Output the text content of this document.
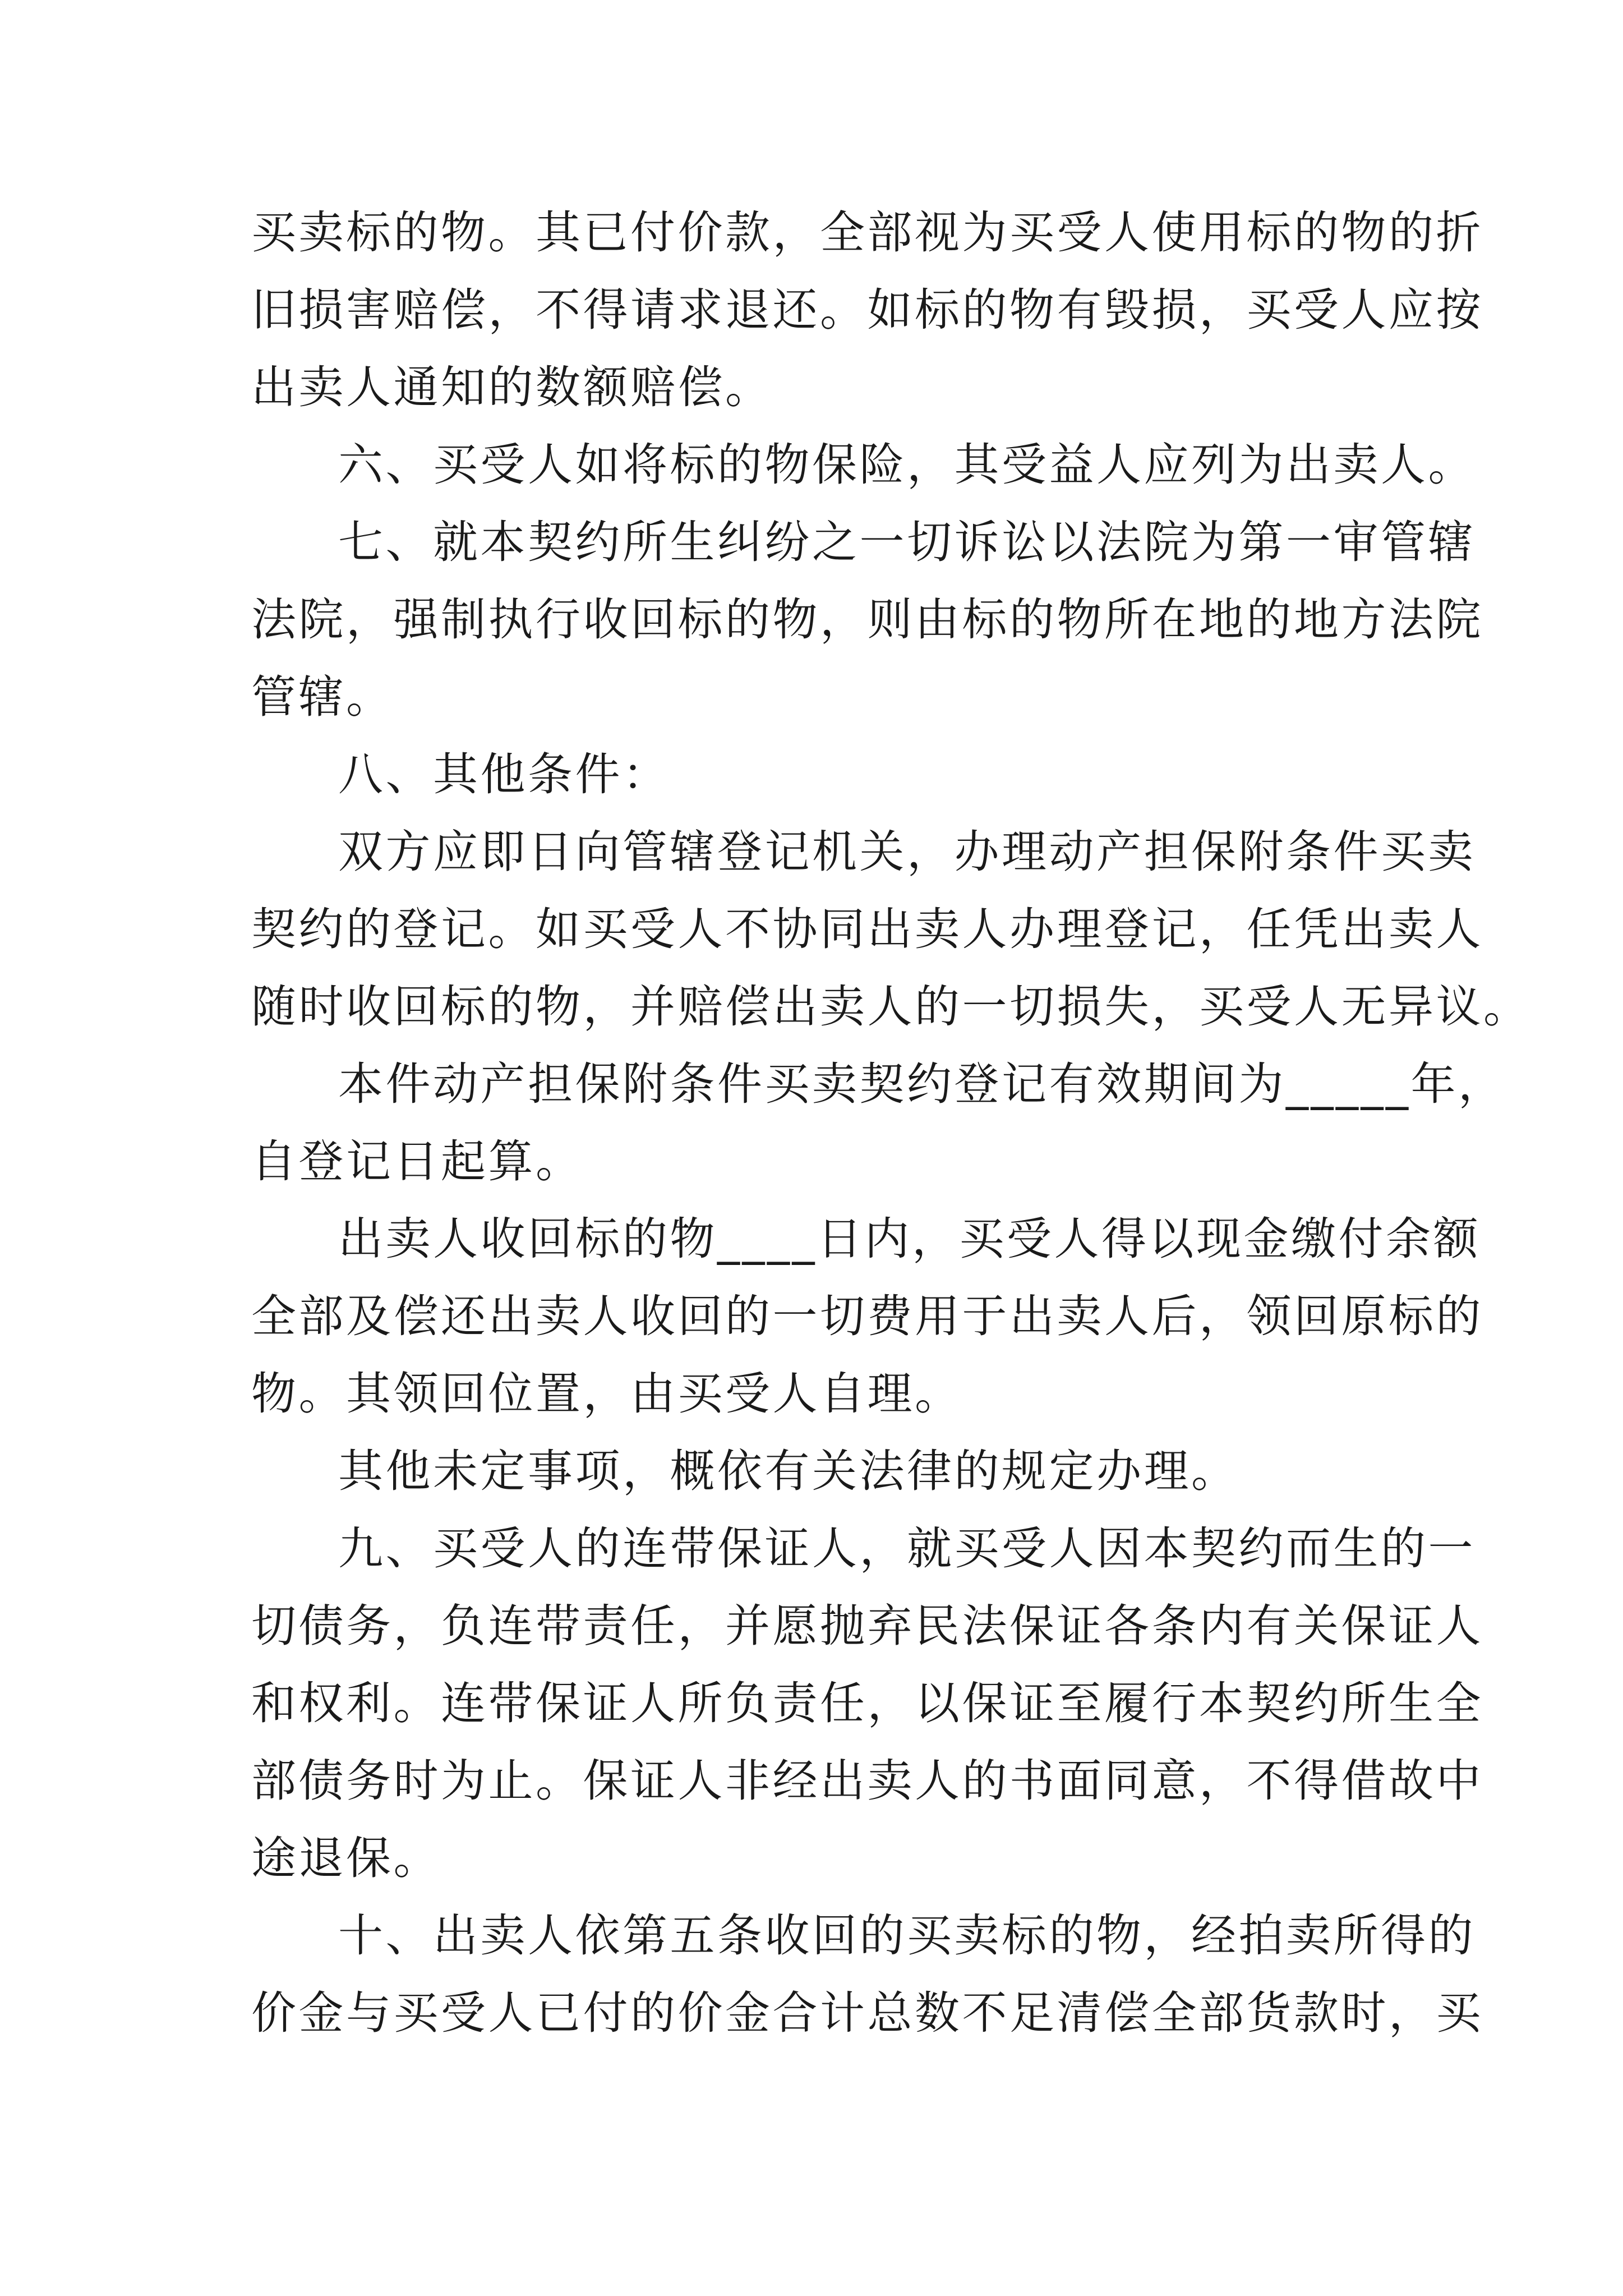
买卖标的物。其已付价款，全部视为买受人使用标的物的折
旧损害赔偿，不得请求退还。如标的物有毁损，买受人应按
出卖人通知的数额赔偿。
六、买受人如将标的物保险，其受益人应列为出卖人。
七、就本契约所生纠纷之一切诉讼以法院为第一审管辖
法院，强制执行收回标的物，则由标的物所在地的地方法院
管辖。
八、其他条件：
双方应即日向管辖登记机关，办理动产担保附条件买卖
契约的登记。如买受人不协同出卖人办理登记，任凭出卖人
随时收回标的物，并赔偿出卖人的一切损失，买受人无异议。
本件动产担保附条件买卖契约登记有效期间为_____年，
自登记日起算。
出卖人收回标的物____日内，买受人得以现金缴付余额
全部及偿还出卖人收回的一切费用于出卖人后，领回原标的
物。其领回位置，由买受人自理。
其他未定事项，概依有关法律的规定办理。
九、买受人的连带保证人，就买受人因本契约而生的一
切债务，负连带责任，并愿抛弃民法保证各条内有关保证人
和权利。连带保证人所负责任，以保证至履行本契约所生全
部债务时为止。保证人非经出卖人的书面同意，不得借故中
途退保。
十、出卖人依第五条收回的买卖标的物，经拍卖所得的
价金与买受人已付的价金合计总数不足清偿全部货款时，买
